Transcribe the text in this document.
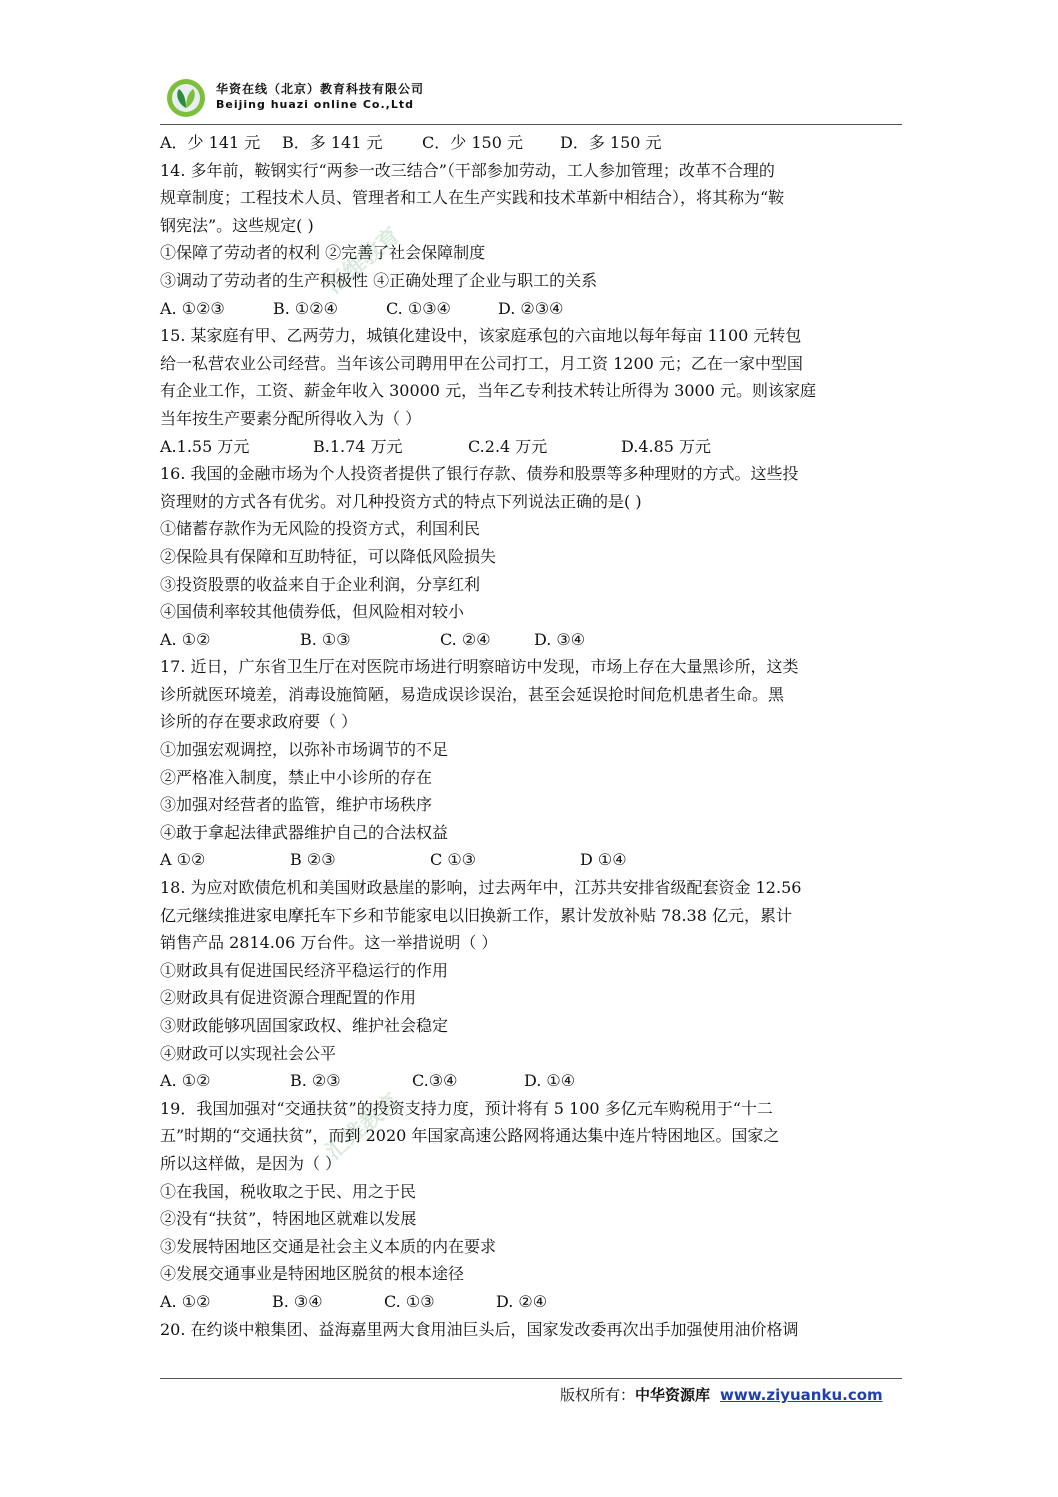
华资在线（北京）教育科技有限公司
Beijing huazi online Co.,Ltd
汇维教育
汇维教育
A．少 141 元 B．多 141 元 C．少 150 元 D．多 150 元
14. 多年前，鞍钢实行“两参一改三结合”（干部参加劳动，工人参加管理；改革不合理的
规章制度；工程技术人员、管理者和工人在生产实践和技术革新中相结合），将其称为“鞍
钢宪法”。这些规定( )
①保障了劳动者的权利 ②完善了社会保障制度
③调动了劳动者的生产积极性 ④正确处理了企业与职工的关系
A. ①②③	B. ①②④	C. ①③④	D. ②③④
15. 某家庭有甲、乙两劳力，城镇化建设中，该家庭承包的六亩地以每年每亩 1100 元转包
给一私营农业公司经营。当年该公司聘用甲在公司打工，月工资 1200 元；乙在一家中型国
有企业工作，工资、薪金年收入 30000 元，当年乙专利技术转让所得为 3000 元。则该家庭
当年按生产要素分配所得收入为（ ）
A.1.55 万元	B.1.74 万元	C.2.4 万元	D.4.85 万元
16. 我国的金融市场为个人投资者提供了银行存款、债券和股票等多种理财的方式。这些投
资理财的方式各有优劣。对几种投资方式的特点下列说法正确的是( )
①储蓄存款作为无风险的投资方式，利国利民
②保险具有保障和互助特征，可以降低风险损失
③投资股票的收益来自于企业利润，分享红利
④国债利率较其他债券低，但风险相对较小
A. ①②	B. ①③	C. ②④	D. ③④
17. 近日，广东省卫生厅在对医院市场进行明察暗访中发现，市场上存在大量黑诊所，这类
诊所就医环境差，消毒设施简陋，易造成误诊误治，甚至会延误抢时间危机患者生命。黑
诊所的存在要求政府要（ ）
①加强宏观调控，以弥补市场调节的不足
②严格准入制度，禁止中小诊所的存在
③加强对经营者的监管，维护市场秩序
④敢于拿起法律武器维护自己的合法权益
A ①②	B ②③	C ①③	D ①④
18. 为应对欧债危机和美国财政悬崖的影响，过去两年中，江苏共安排省级配套资金 12.56
亿元继续推进家电摩托车下乡和节能家电以旧换新工作，累计发放补贴 78.38 亿元，累计
销售产品 2814.06 万台件。这一举措说明（ ）
①财政具有促进国民经济平稳运行的作用
②财政具有促进资源合理配置的作用
③财政能够巩固国家政权、维护社会稳定
④财政可以实现社会公平
A. ①②	B. ②③	C.③④	D. ①④
19．我国加强对“交通扶贫”的投资支持力度，预计将有 5 100 多亿元车购税用于“十二
五”时期的“交通扶贫”，而到 2020 年国家高速公路网将通达集中连片特困地区。国家之
所以这样做，是因为（ ）
①在我国，税收取之于民、用之于民
②没有“扶贫”，特困地区就难以发展
③发展特困地区交通是社会主义本质的内在要求
④发展交通事业是特困地区脱贫的根本途径
A. ①②	B. ③④	C. ①③	D. ②④
20. 在约谈中粮集团、益海嘉里两大食用油巨头后，国家发改委再次出手加强使用油价格调
版权所有：中华资源库 www.ziyuanku.com
